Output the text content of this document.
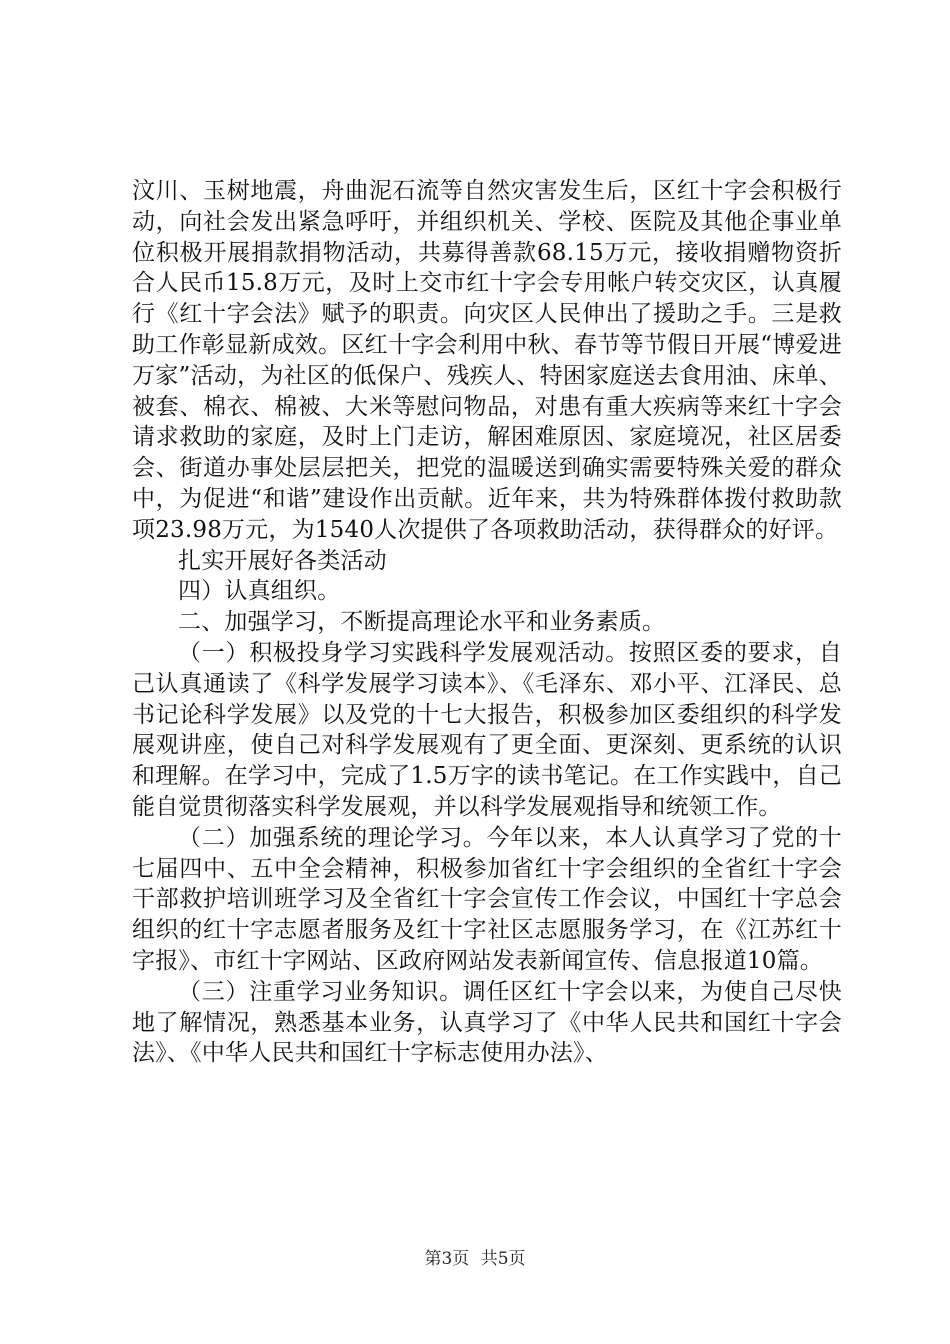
汶川、玉树地震，舟曲泥石流等自然灾害发生后，区红十字会积极行动，向社会发出紧急呼吁，并组织机关、学校、医院及其他企事业单位积极开展捐款捐物活动，共募得善款68.15万元，接收捐赠物资折合人民币15.8万元，及时上交市红十字会专用帐户转交灾区，认真履行《红十字会法》赋予的职责。向灾区人民伸出了援助之手。三是救助工作彰显新成效。区红十字会利用中秋、春节等节假日开展“博爱进万家”活动，为社区的低保户、残疾人、特困家庭送去食用油、床单、被套、棉衣、棉被、大米等慰问物品，对患有重大疾病等来红十字会请求救助的家庭，及时上门走访，解困难原因、家庭境况，社区居委会、街道办事处层层把关，把党的温暖送到确实需要特殊关爱的群众中，为促进“和谐”建设作出贡献。近年来，共为特殊群体拨付救助款项23.98万元，为1540人次提供了各项救助活动，获得群众的好评。

扎实开展好各类活动

四）认真组织。

二、加强学习，不断提高理论水平和业务素质。

（一）积极投身学习实践科学发展观活动。按照区委的要求，自己认真通读了《科学发展学习读本》、《毛泽东、邓小平、江泽民、总书记论科学发展》以及党的十七大报告，积极参加区委组织的科学发展观讲座，使自己对科学发展观有了更全面、更深刻、更系统的认识和理解。在学习中，完成了1.5万字的读书笔记。在工作实践中，自己能自觉贯彻落实科学发展观，并以科学发展观指导和统领工作。

（二）加强系统的理论学习。今年以来，本人认真学习了党的十七届四中、五中全会精神，积极参加省红十字会组织的全省红十字会干部救护培训班学习及全省红十字会宣传工作会议，中国红十字总会组织的红十字志愿者服务及红十字社区志愿服务学习，在《江苏红十字报》、市红十字网站、区政府网站发表新闻宣传、信息报道10篇。

（三）注重学习业务知识。调任区红十字会以来，为使自己尽快地了解情况，熟悉基本业务，认真学习了《中华人民共和国红十字会法》、《中华人民共和国红十字标志使用办法》、

第3页 共5页
